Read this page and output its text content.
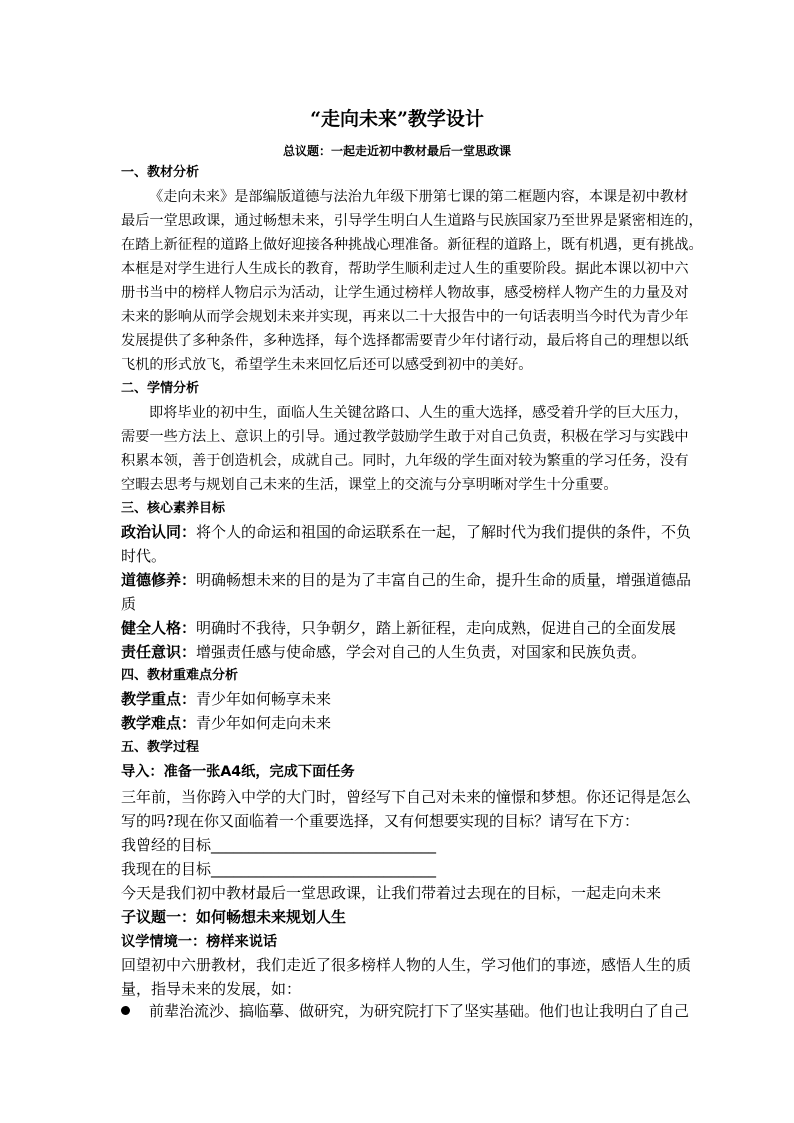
“走向未来”教学设计
总议题：一起走近初中教材最后一堂思政课
一、教材分析
《走向未来》是部编版道德与法治九年级下册第七课的第二框题内容，本课是初中教材
最后一堂思政课，通过畅想未来，引导学生明白人生道路与民族国家乃至世界是紧密相连的，
在踏上新征程的道路上做好迎接各种挑战心理准备。新征程的道路上，既有机遇，更有挑战。
本框是对学生进行人生成长的教育，帮助学生顺利走过人生的重要阶段。据此本课以初中六
册书当中的榜样人物启示为活动，让学生通过榜样人物故事，感受榜样人物产生的力量及对
未来的影响从而学会规划未来并实现，再来以二十大报告中的一句话表明当今时代为青少年
发展提供了多种条件，多种选择，每个选择都需要青少年付诸行动，最后将自己的理想以纸
飞机的形式放飞，希望学生未来回忆后还可以感受到初中的美好。
二、学情分析
即将毕业的初中生，面临人生关键岔路口、人生的重大选择，感受着升学的巨大压力，
需要一些方法上、意识上的引导。通过教学鼓励学生敢于对自己负责，积极在学习与实践中
积累本领，善于创造机会，成就自己。同时，九年级的学生面对较为繁重的学习任务，没有
空暇去思考与规划自己未来的生活，课堂上的交流与分享明晰对学生十分重要。
三、核心素养目标
政治认同：将个人的命运和祖国的命运联系在一起，了解时代为我们提供的条件，不负
时代。
道德修养：明确畅想未来的目的是为了丰富自己的生命，提升生命的质量，增强道德品
质
健全人格：明确时不我待，只争朝夕，踏上新征程，走向成熟，促进自己的全面发展
责任意识：增强责任感与使命感，学会对自己的人生负责，对国家和民族负责。
四、教材重难点分析
教学重点：青少年如何畅享未来
教学难点：青少年如何走向未来
五、教学过程
导入：准备一张A4纸，完成下面任务
三年前，当你跨入中学的大门时，曾经写下自己对未来的憧憬和梦想。你还记得是怎么
写的吗?现在你又面临着一个重要选择，又有何想要实现的目标？请写在下方：
我曾经的目标______________________________
我现在的目标______________________________
今天是我们初中教材最后一堂思政课，让我们带着过去现在的目标，一起走向未来
子议题一：如何畅想未来规划人生
议学情境一：榜样来说话
回望初中六册教材，我们走近了很多榜样人物的人生，学习他们的事迹，感悟人生的质
量，指导未来的发展，如：
前辈治流沙、搞临摹、做研究，为研究院打下了坚实基础。他们也让我明白了自己
